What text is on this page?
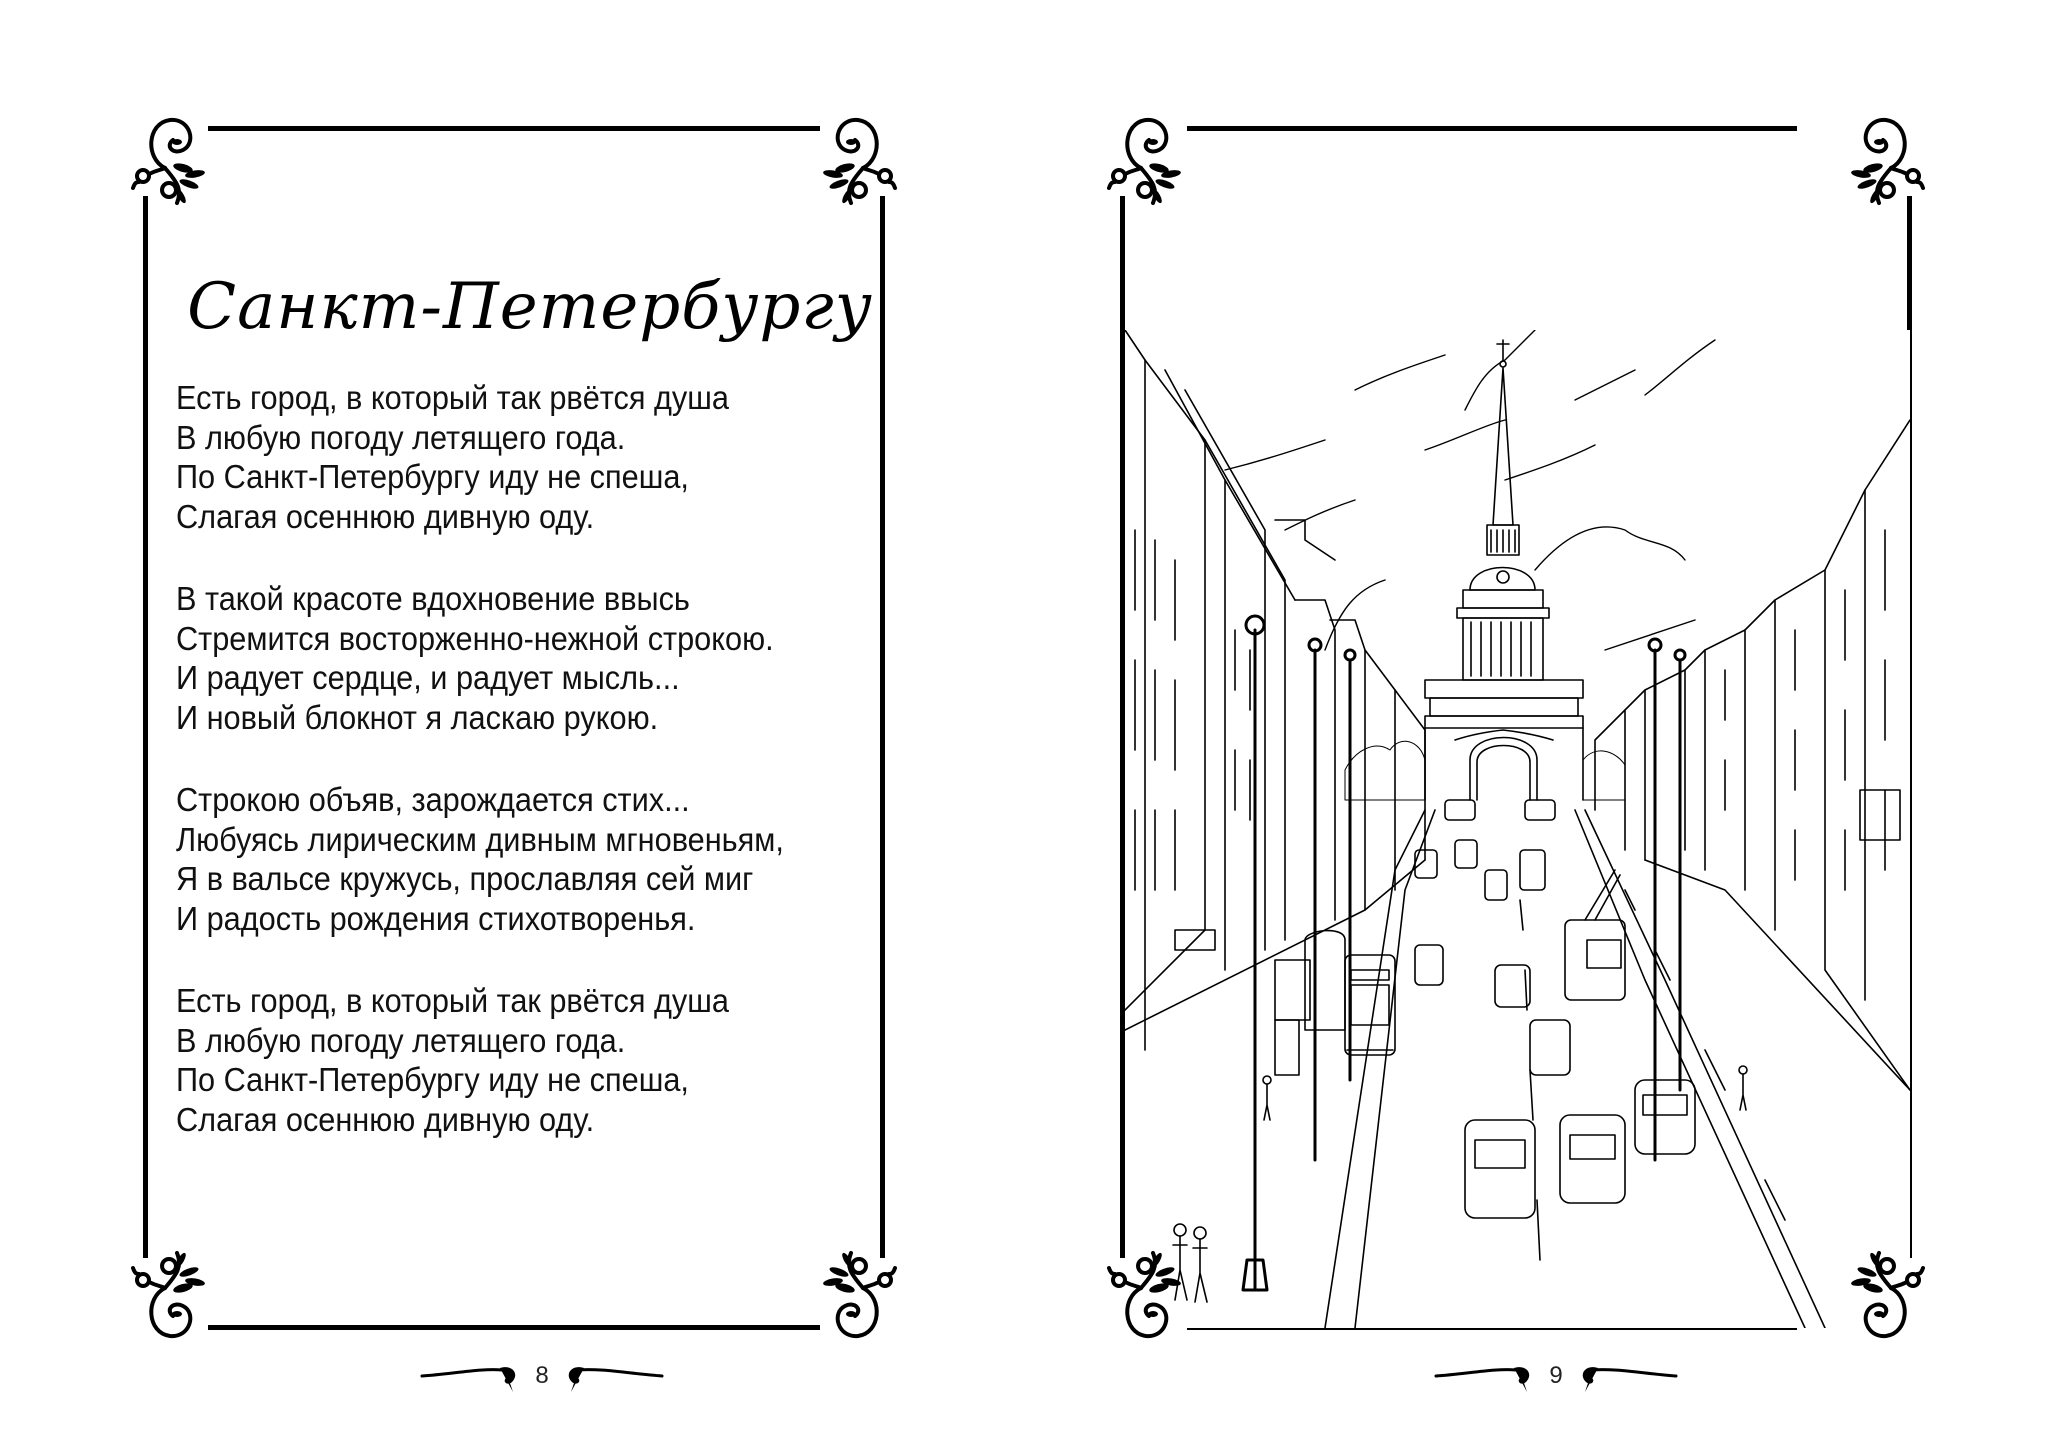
Санкт-Петербургу
Есть город, в который так рвётся душа
В любую погоду летящего года.
По Санкт-Петербургу иду не спеша,
Слагая осеннюю дивную оду.
В такой красоте вдохновение ввысь
Стремится восторженно-нежной строкою.
И радует сердце, и радует мысль...
И новый блокнот я ласкаю рукою.
Строкою объяв, зарождается стих...
Любуясь лирическим дивным мгновеньям,
Я в вальсе кружусь, прославляя сей миг
И радость рождения стихотворенья.
Есть город, в который так рвётся душа
В любую погоду летящего года.
По Санкт-Петербургу иду не спеша,
Слагая осеннюю дивную оду.
8	9
